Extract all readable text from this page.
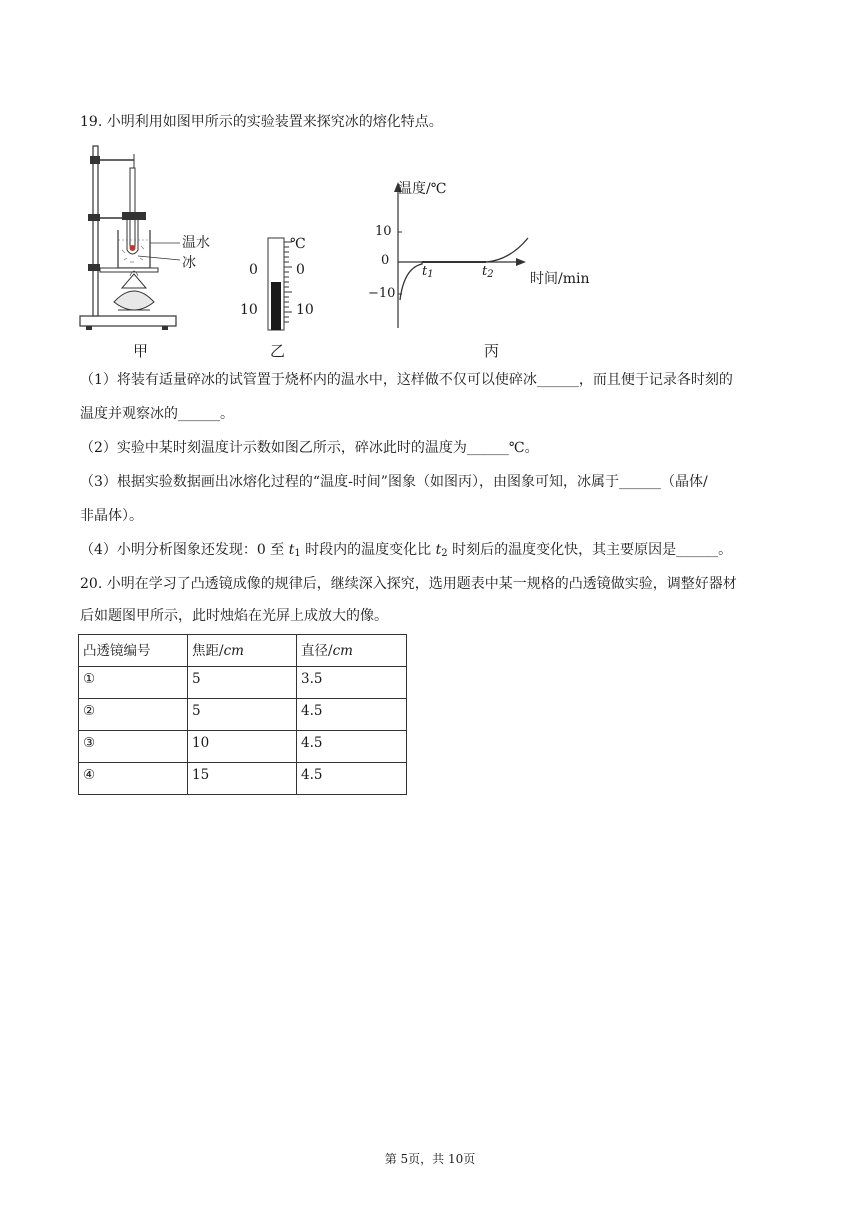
19. 小明利用如图甲所示的实验装置来探究冰的熔化特点。
温水
冰
甲
℃
0	0
10	10
乙
温度/℃
时间/min
10
0
−10
$t_1$	$t_2$
丙
（1）将装有适量碎冰的试管置于烧杯内的温水中，这样做不仅可以使碎冰______，而且便于记录各时刻的
温度并观察冰的______。
（2）实验中某时刻温度计示数如图乙所示，碎冰此时的温度为______℃。
（3）根据实验数据画出冰熔化过程的“温度-时间”图象（如图丙），由图象可知，冰属于______（晶体/
非晶体）。
（4）小明分析图象还发现：0 至 $t_1$ 时段内的温度变化比 $t_2$ 时刻后的温度变化快，其主要原因是______。
20. 小明在学习了凸透镜成像的规律后，继续深入探究，选用题表中某一规格的凸透镜做实验，调整好器材
后如题图甲所示，此时烛焰在光屏上成放大的像。
凸透镜编号	焦距/cm	直径/cm
①	5	3.5
②	5	4.5
③	10	4.5
④	15	4.5
第 5页，共 10页
